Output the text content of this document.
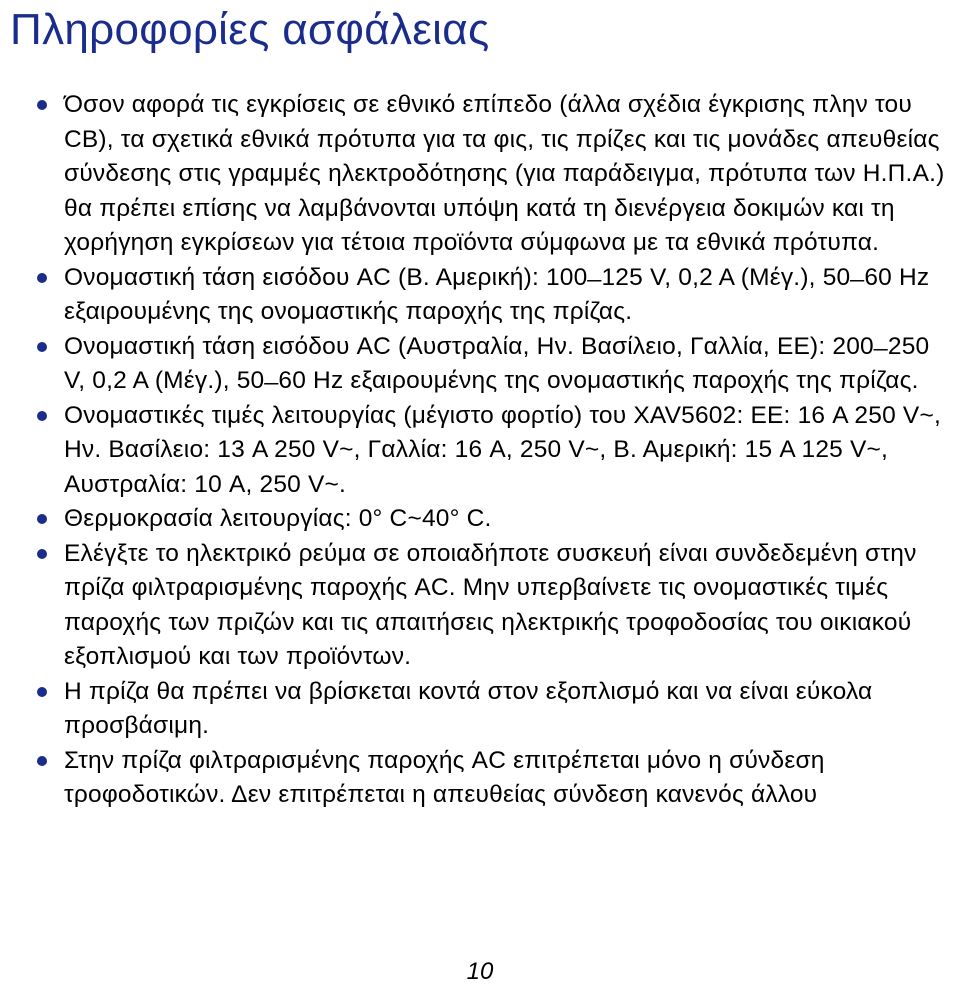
Πληροφορίες ασφάλειας
Όσον αφορά τις εγκρίσεις σε εθνικό επίπεδο (άλλα σχέδια έγκρισης πλην του CB), τα σχετικά εθνικά πρότυπα για τα φις, τις πρίζες και τις μονάδες απευθείας σύνδεσης στις γραμμές ηλεκτροδότησης (για παράδειγμα, πρότυπα των Η.Π.Α.) θα πρέπει επίσης να λαμβάνονται υπόψη κατά τη διενέργεια δοκιμών και τη χορήγηση εγκρίσεων για τέτοια προϊόντα σύμφωνα με τα εθνικά πρότυπα.
Ονομαστική τάση εισόδου AC (Β. Αμερική): 100 ̶ 125 V, 0,2 A (Μέγ.), 50 ̶ 60 Hz εξαιρουμένης της ονομαστικής παροχής της πρίζας.
Ονομαστική τάση εισόδου AC (Αυστραλία, Ην. Βασίλειο, Γαλλία, ΕΕ): 200 ̶ 250 V, 0,2 A (Μέγ.), 50 ̶ 60 Hz εξαιρουμένης της ονομαστικής παροχής της πρίζας.
Ονομαστικές τιμές λειτουργίας (μέγιστο φορτίο) του XAV5602: ΕΕ: 16 A 250 V~, Ην. Βασίλειο: 13 A 250 V~, Γαλλία: 16 A, 250 V~, Β. Αμερική: 15 A 125 V~, Αυστραλία: 10 A, 250 V~.
Θερμοκρασία λειτουργίας: 0° C~40° C.
Ελέγξτε το ηλεκτρικό ρεύμα σε οποιαδήποτε συσκευή είναι συνδεδεμένη στην πρίζα φιλτραρισμένης παροχής AC. Μην υπερβαίνετε τις ονομαστικές τιμές παροχής των πριζών και τις απαιτήσεις ηλεκτρικής τροφοδοσίας του οικιακού εξοπλισμού και των προϊόντων.
Η πρίζα θα πρέπει να βρίσκεται κοντά στον εξοπλισμό και να είναι εύκολα προσβάσιμη.
Στην πρίζα φιλτραρισμένης παροχής AC επιτρέπεται μόνο η σύνδεση τροφοδοτικών. Δεν επιτρέπεται η απευθείας σύνδεση κανενός άλλου
10
